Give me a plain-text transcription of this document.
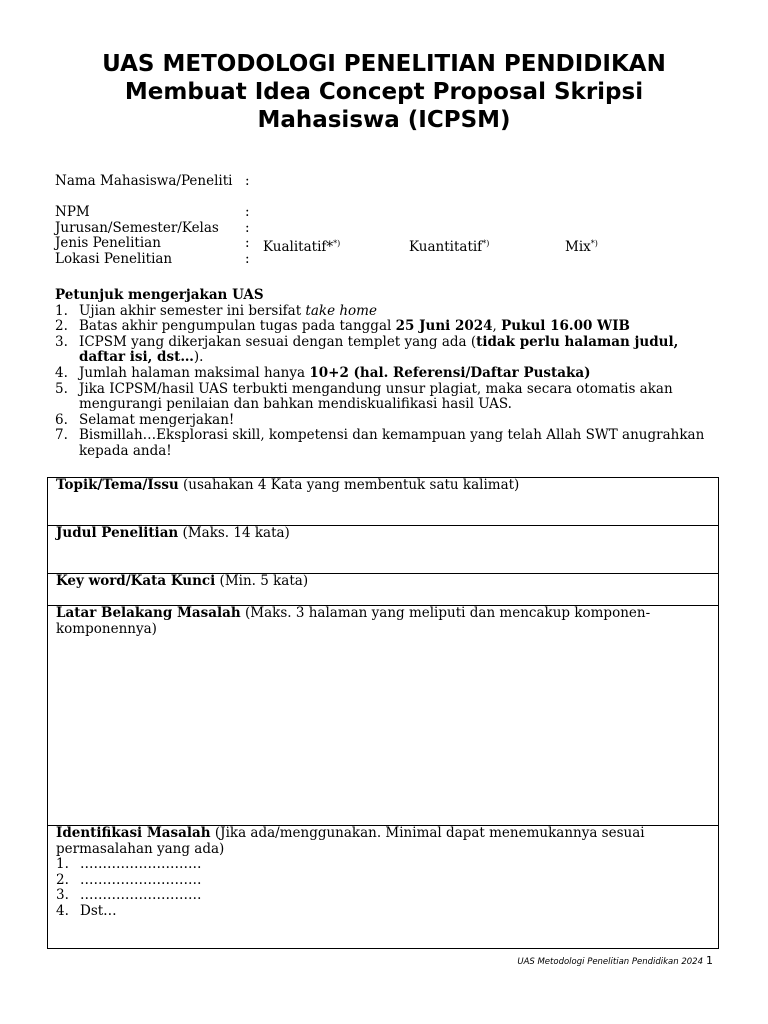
UAS METODOLOGI PENELITIAN PENDIDIKAN
Membuat Idea Concept Proposal Skripsi
Mahasiswa (ICPSM)
Nama Mahasiswa/Peneliti :
NPM	:
Jurusan/Semester/Kelas	:
Jenis Penelitian	: Kualitatif**)	Kuantitatif*)	Mix*)
Lokasi Penelitian	:
Petunjuk mengerjakan UAS
1. Ujian akhir semester ini bersifat take home
2. Batas akhir pengumpulan tugas pada tanggal 25 Juni 2024, Pukul 16.00 WIB
3. ICPSM yang dikerjakan sesuai dengan templet yang ada (tidak perlu halaman judul, daftar isi, dst…).
4. Jumlah halaman maksimal hanya 10+2 (hal. Referensi/Daftar Pustaka)
5. Jika ICPSM/hasil UAS terbukti mengandung unsur plagiat, maka secara otomatis akan mengurangi penilaian dan bahkan mendiskualifikasi hasil UAS.
6. Selamat mengerjakan!
7. Bismillah…Eksplorasi skill, kompetensi dan kemampuan yang telah Allah SWT anugrahkan kepada anda!
Topik/Tema/Issu (usahakan 4 Kata yang membentuk satu kalimat)
Judul Penelitian (Maks. 14 kata)
Key word/Kata Kunci (Min. 5 kata)
Latar Belakang Masalah (Maks. 3 halaman yang meliputi dan mencakup komponen-komponennya)
Identifikasi Masalah (Jika ada/menggunakan. Minimal dapat menemukannya sesuai permasalahan yang ada)
1. ………………………
2. ………………………
3. ………………………
4. Dst…
UAS Metodologi Penelitian Pendidikan 2024 1
